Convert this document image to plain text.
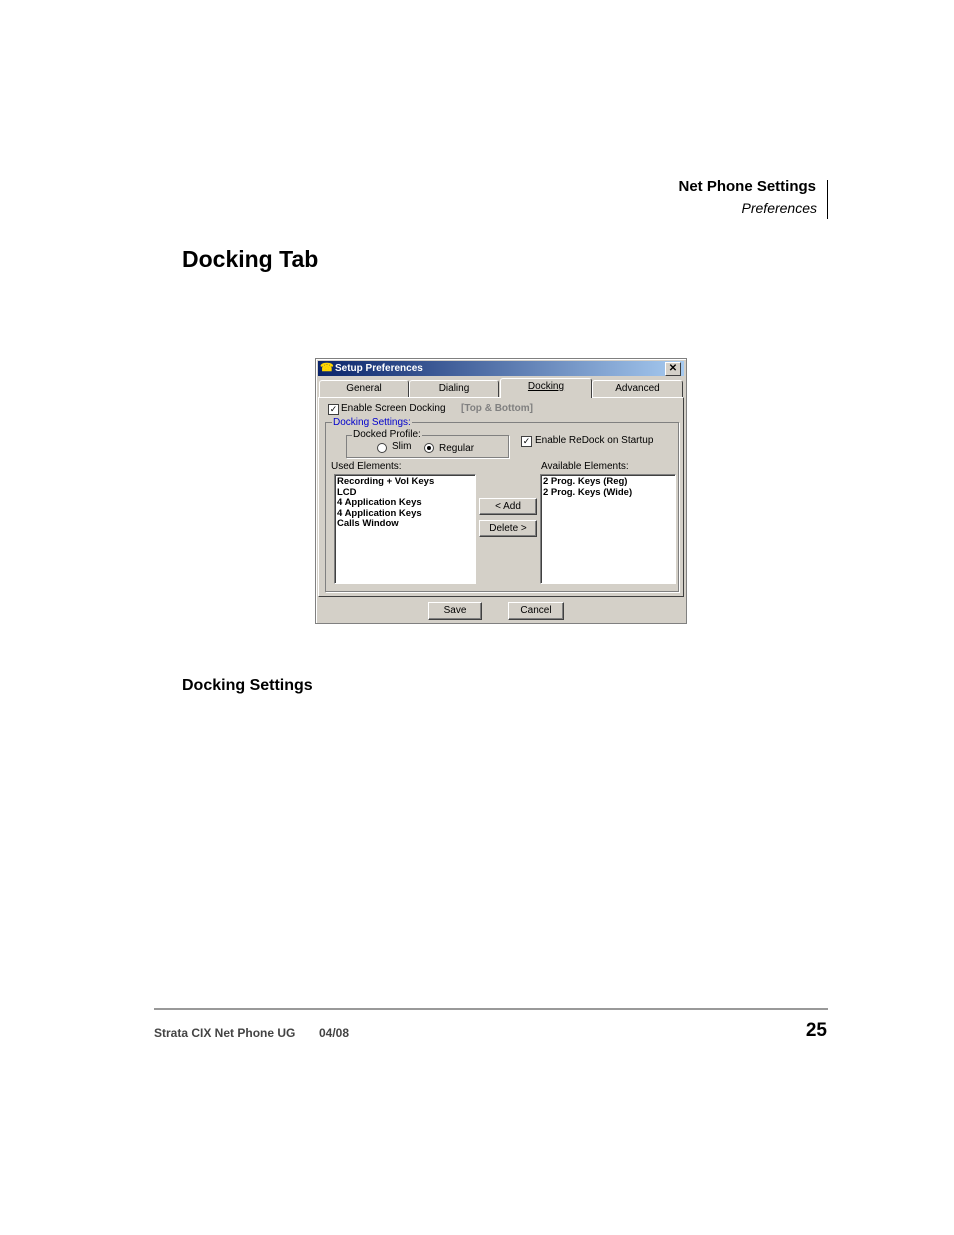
Net Phone Settings
Preferences
Docking Tab
☎ Setup Preferences	✕
General	Dialing	Docking	Advanced
✓ Enable Screen Docking [Top & Bottom]
Docking Settings:
Docked Profile:
Slim	Regular
✓ Enable ReDock on Startup
Used Elements:
Recording + Vol Keys
LCD
4 Application Keys
4 Application Keys
Calls Window
< Add
Delete >
Available Elements:
2 Prog. Keys (Reg)
2 Prog. Keys (Wide)
Save	Cancel
Docking Settings
Strata CIX Net Phone UG 04/08	25
